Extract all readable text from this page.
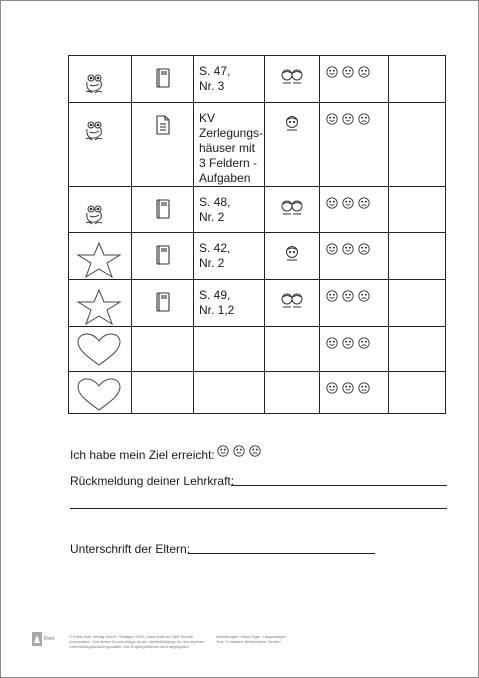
S. 47,
Nr. 3

KV
Zerlegungs-
häuser mit
3 Feldern -
Aufgaben

S. 48,
Nr. 2

S. 42,
Nr. 2

S. 49,
Nr. 1,2

Ich habe mein Ziel erreicht:
Rückmeldung deiner Lehrkraft:
Unterschrift der Eltern:
Klett	© Ernst Klett Verlag GmbH, Stuttgart 2020 | www.klett.de | Alle Rechte
vorbehalten. Von dieser Druckvorlage ist die Vervielfältigung für den eigenen
Unterrichtsgebrauch gestattet. Die Kopiergebühren sind abgegolten.
Abbildungen: Oliver Eger, Langenargen
Text: Christiane Wiesemann, Verden
